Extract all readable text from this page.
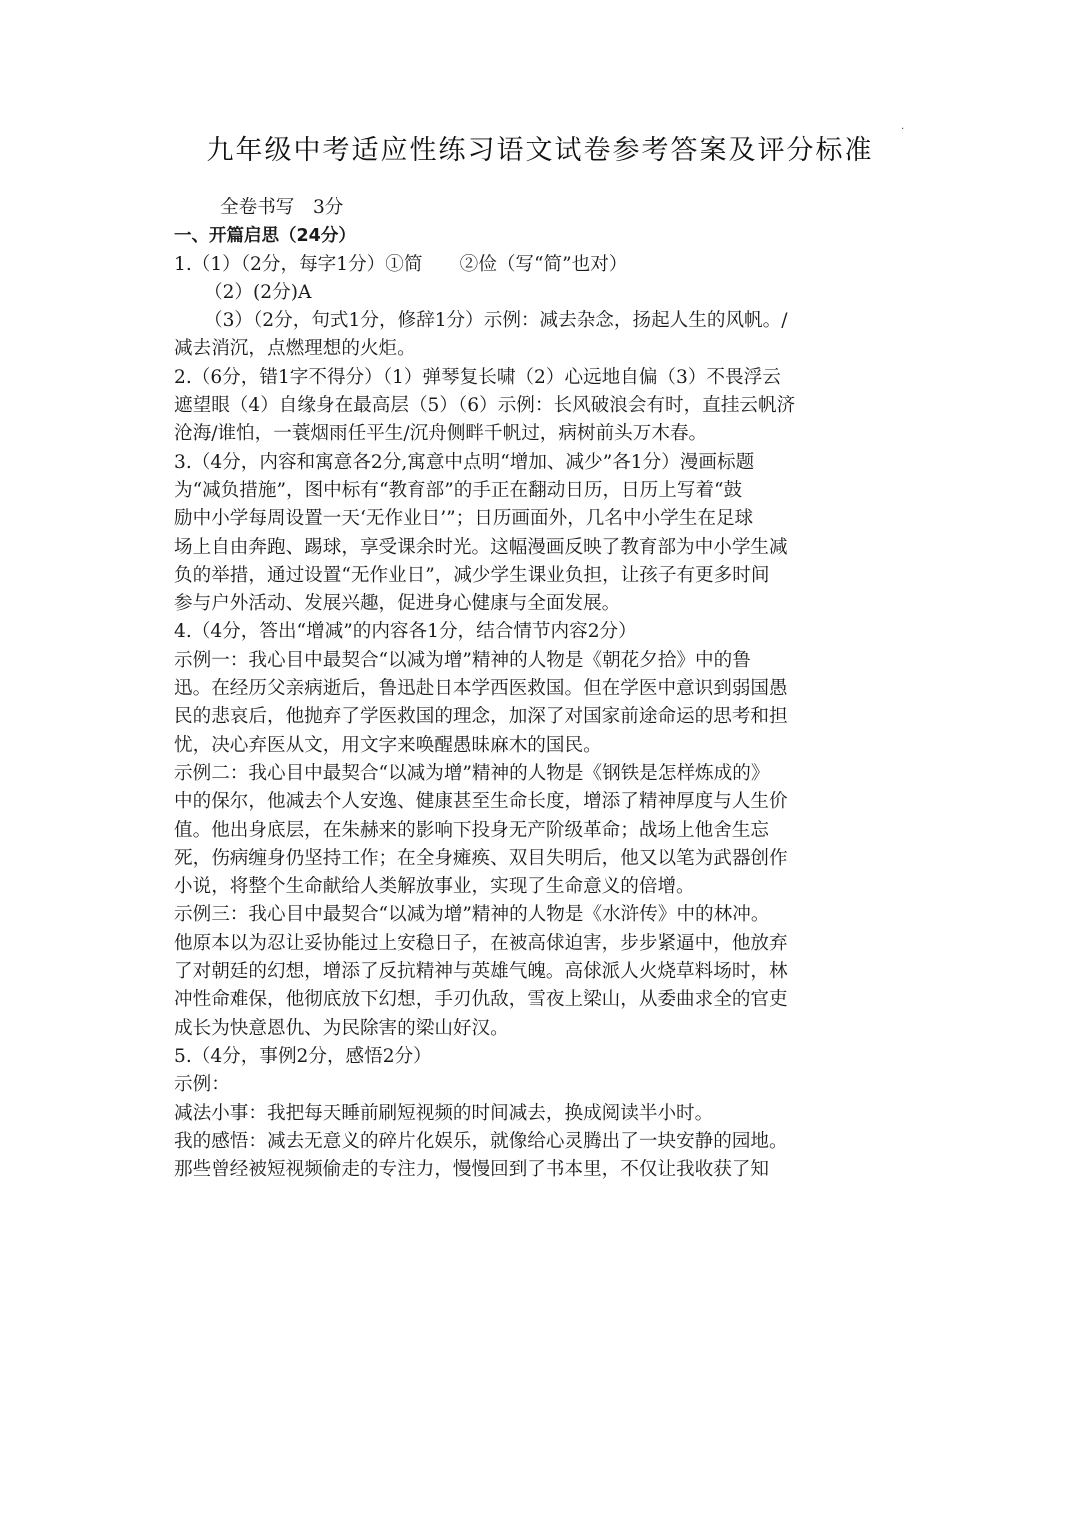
九年级中考适应性练习语文试卷参考答案及评分标准
·
全卷书写　3分
一、开篇启思（24分）
1.（1）（2分，每字1分）①简　　②俭（写“简”也对）
（2）(2分)A
（3）（2分，句式1分，修辞1分）示例：减去杂念，扬起人生的风帆。/
减去消沉，点燃理想的火炬。
2.（6分，错1字不得分）（1）弹琴复长啸（2）心远地自偏（3）不畏浮云
遮望眼（4）自缘身在最高层（5）（6）示例：长风破浪会有时，直挂云帆济
沧海/谁怕，一蓑烟雨任平生/沉舟侧畔千帆过，病树前头万木春。
3.（4分，内容和寓意各2分,寓意中点明“增加、减少”各1分）漫画标题
为“减负措施”，图中标有“教育部”的手正在翻动日历，日历上写着“鼓
励中小学每周设置一天‘无作业日’”；日历画面外，几名中小学生在足球
场上自由奔跑、踢球，享受课余时光。这幅漫画反映了教育部为中小学生减
负的举措，通过设置“无作业日”，减少学生课业负担，让孩子有更多时间
参与户外活动、发展兴趣，促进身心健康与全面发展。
4.（4分，答出“增减”的内容各1分，结合情节内容2分）
示例一：我心目中最契合“以减为增”精神的人物是《朝花夕拾》中的鲁
迅。在经历父亲病逝后，鲁迅赴日本学西医救国。但在学医中意识到弱国愚
民的悲哀后，他抛弃了学医救国的理念，加深了对国家前途命运的思考和担
忧，决心弃医从文，用文字来唤醒愚昧麻木的国民。
示例二：我心目中最契合“以减为增”精神的人物是《钢铁是怎样炼成的》
中的保尔，他减去个人安逸、健康甚至生命长度，增添了精神厚度与人生价
值。他出身底层，在朱赫来的影响下投身无产阶级革命；战场上他舍生忘
死，伤病缠身仍坚持工作；在全身瘫痪、双目失明后，他又以笔为武器创作
小说，将整个生命献给人类解放事业，实现了生命意义的倍增。
示例三：我心目中最契合“以减为增”精神的人物是《水浒传》中的林冲。
他原本以为忍让妥协能过上安稳日子，在被高俅迫害，步步紧逼中，他放弃
了对朝廷的幻想，增添了反抗精神与英雄气魄。高俅派人火烧草料场时，林
冲性命难保，他彻底放下幻想，手刃仇敌，雪夜上梁山，从委曲求全的官吏
成长为快意恩仇、为民除害的梁山好汉。
5.（4分，事例2分，感悟2分）
示例：
减法小事：我把每天睡前刷短视频的时间减去，换成阅读半小时。
我的感悟：减去无意义的碎片化娱乐，就像给心灵腾出了一块安静的园地。
那些曾经被短视频偷走的专注力，慢慢回到了书本里，不仅让我收获了知
